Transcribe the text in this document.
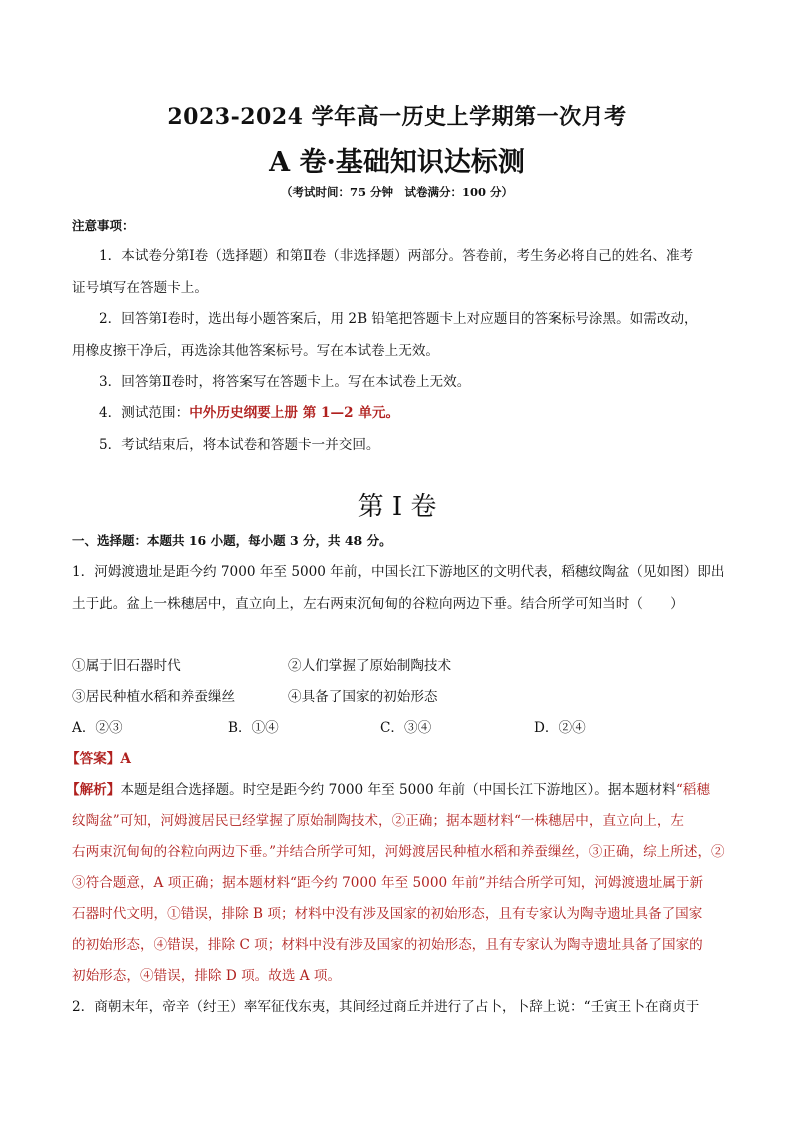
2023-2024 学年高一历史上学期第一次月考
A 卷·基础知识达标测
（考试时间：75 分钟　试卷满分：100 分）
注意事项：
1．本试卷分第Ⅰ卷（选择题）和第Ⅱ卷（非选择题）两部分。答卷前，考生务必将自己的姓名、准考
证号填写在答题卡上。
2．回答第Ⅰ卷时，选出每小题答案后，用 2B 铅笔把答题卡上对应题目的答案标号涂黑。如需改动，
用橡皮擦干净后，再选涂其他答案标号。写在本试卷上无效。
3．回答第Ⅱ卷时，将答案写在答题卡上。写在本试卷上无效。
4．测试范围：中外历史纲要上册 第 1—2 单元。
5．考试结束后，将本试卷和答题卡一并交回。
第 I 卷
一、选择题：本题共 16 小题，每小题 3 分，共 48 分。
1．河姆渡遗址是距今约 7000 年至 5000 年前，中国长江下游地区的文明代表，稻穗纹陶盆（见如图）即出
土于此。盆上一株穗居中，直立向上，左右两束沉甸甸的谷粒向两边下垂。结合所学可知当时（　　）
①属于旧石器时代	②人们掌握了原始制陶技术
③居民种植水稻和养蚕缫丝	④具备了国家的初始形态
A．②③	B．①④	C．③④	D．②④
【答案】A
【解析】本题是组合选择题。时空是距今约 7000 年至 5000 年前（中国长江下游地区）。据本题材料“稻穗
纹陶盆”可知，河姆渡居民已经掌握了原始制陶技术，②正确；据本题材料“一株穗居中，直立向上，左
右两束沉甸甸的谷粒向两边下垂。”并结合所学可知，河姆渡居民种植水稻和养蚕缫丝，③正确，综上所述，②
③符合题意，A 项正确；据本题材料“距今约 7000 年至 5000 年前”并结合所学可知，河姆渡遗址属于新
石器时代文明，①错误，排除 B 项；材料中没有涉及国家的初始形态，且有专家认为陶寺遗址具备了国家
的初始形态，④错误，排除 C 项；材料中没有涉及国家的初始形态，且有专家认为陶寺遗址具备了国家的
初始形态，④错误，排除 D 项。故选 A 项。
2．商朝末年，帝辛（纣王）率军征伐东夷，其间经过商丘并进行了占卜，卜辞上说：“壬寅王卜在商贞于
